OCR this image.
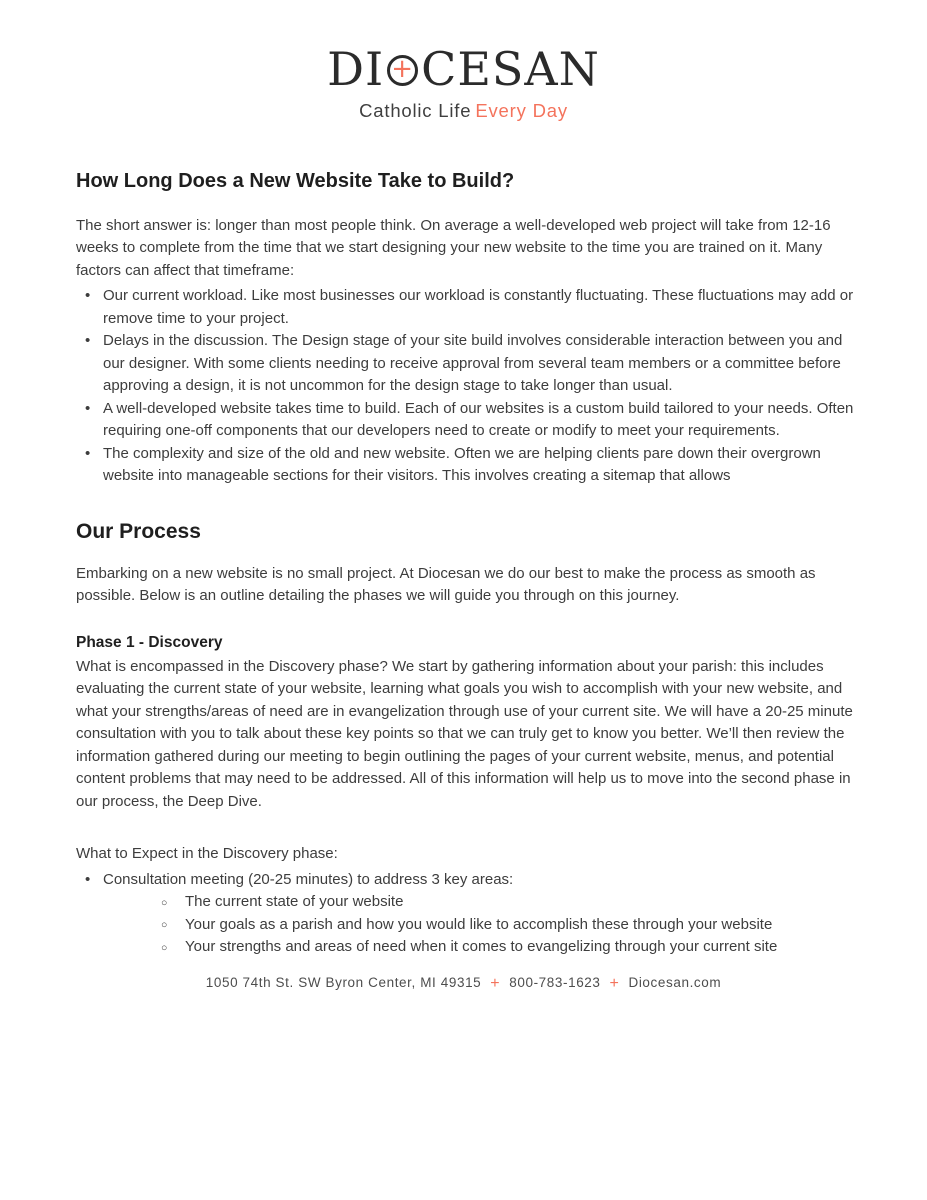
DI + CESAN
Catholic Life Every Day
How Long Does a New Website Take to Build?

The short answer is: longer than most people think. On average a well-developed web project will take from 12-16 weeks to complete from the time that we start designing your new website to the time you are trained on it. Many factors can affect that timeframe:

• Our current workload. Like most businesses our workload is constantly fluctuating. These fluctuations may add or remove time to your project.
• Delays in the discussion. The Design stage of your site build involves considerable interaction between you and our designer. With some clients needing to receive approval from several team members or a committee before approving a design, it is not uncommon for the design stage to take longer than usual.
• A well-developed website takes time to build. Each of our websites is a custom build tailored to your needs. Often requiring one-off components that our developers need to create or modify to meet your requirements.
• The complexity and size of the old and new website. Often we are helping clients pare down their overgrown website into manageable sections for their visitors. This involves creating a sitemap that allows
Our Process

Embarking on a new website is no small project. At Diocesan we do our best to make the process as smooth as possible. Below is an outline detailing the phases we will guide you through on this journey.

Phase 1 - Discovery

What is encompassed in the Discovery phase? We start by gathering information about your parish: this includes evaluating the current state of your website, learning what goals you wish to accomplish with your new website, and what your strengths/areas of need are in evangelization through use of your current site. We will have a 20-25 minute consultation with you to talk about these key points so that we can truly get to know you better. We’ll then review the information gathered during our meeting to begin outlining the pages of your current website, menus, and potential content problems that may need to be addressed. All of this information will help us to move into the second phase in our process, the Deep Dive.

What to Expect in the Discovery phase:

• Consultation meeting (20-25 minutes) to address 3 key areas:
○ The current state of your website
○ Your goals as a parish and how you would like to accomplish these through your website
○ Your strengths and areas of need when it comes to evangelizing through your current site
1050 74th St. SW Byron Center, MI 49315 + 800-783-1623 + Diocesan.com
